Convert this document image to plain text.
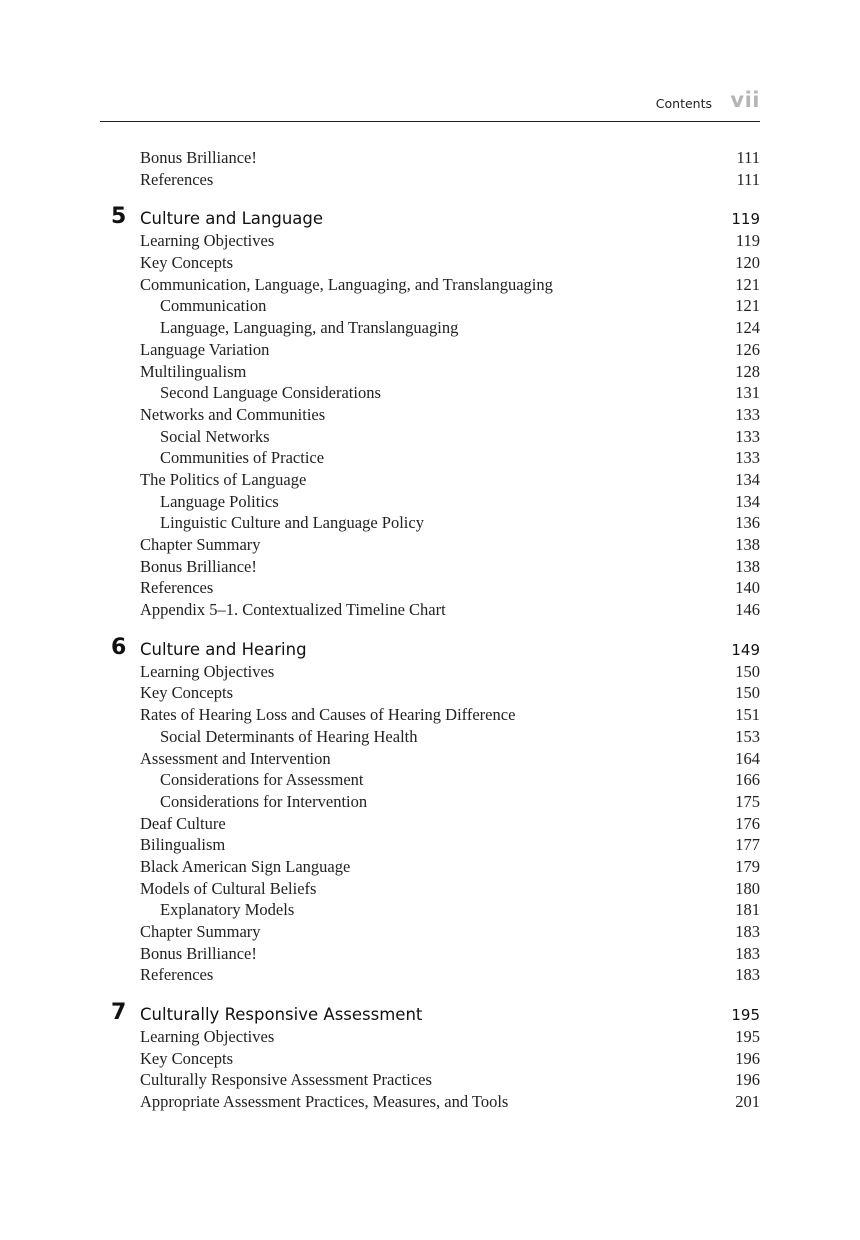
Contents vii
Bonus Brilliance!	111
References	111
5 Culture and Language	119
Learning Objectives	119
Key Concepts	120
Communication, Language, Languaging, and Translanguaging	121
Communication	121
Language, Languaging, and Translanguaging	124
Language Variation	126
Multilingualism	128
Second Language Considerations	131
Networks and Communities	133
Social Networks	133
Communities of Practice	133
The Politics of Language	134
Language Politics	134
Linguistic Culture and Language Policy	136
Chapter Summary	138
Bonus Brilliance!	138
References	140
Appendix 5–1. Contextualized Timeline Chart	146
6 Culture and Hearing	149
Learning Objectives	150
Key Concepts	150
Rates of Hearing Loss and Causes of Hearing Difference	151
Social Determinants of Hearing Health	153
Assessment and Intervention	164
Considerations for Assessment	166
Considerations for Intervention	175
Deaf Culture	176
Bilingualism	177
Black American Sign Language	179
Models of Cultural Beliefs	180
Explanatory Models	181
Chapter Summary	183
Bonus Brilliance!	183
References	183
7 Culturally Responsive Assessment	195
Learning Objectives	195
Key Concepts	196
Culturally Responsive Assessment Practices	196
Appropriate Assessment Practices, Measures, and Tools	201
